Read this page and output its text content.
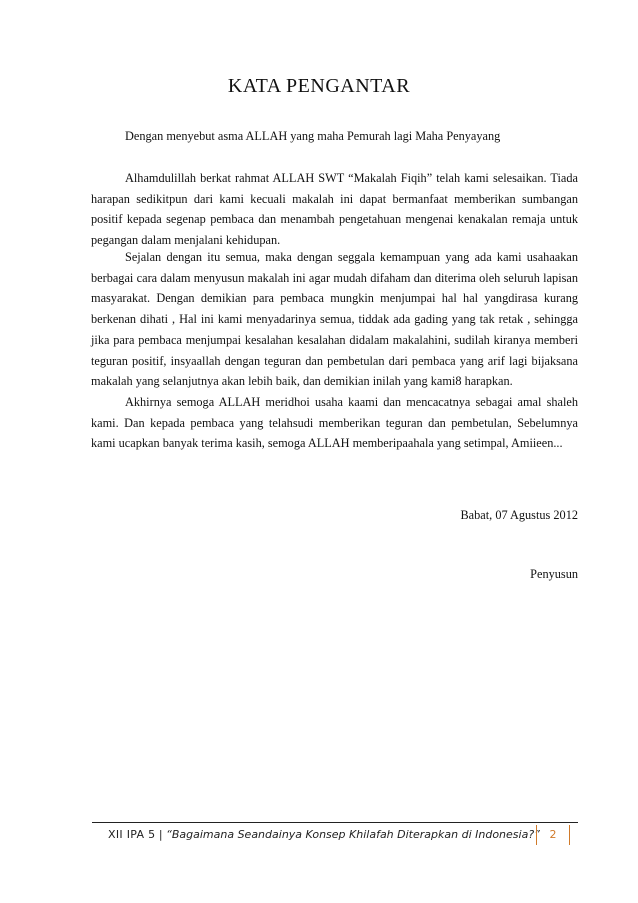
KATA PENGANTAR
Dengan menyebut asma ALLAH yang maha Pemurah lagi Maha Penyayang

Alhamdulillah berkat rahmat ALLAH SWT “Makalah Fiqih” telah kami selesaikan. Tiada harapan sedikitpun dari kami kecuali makalah ini dapat bermanfaat memberikan sumbangan positif kepada segenap pembaca dan menambah pengetahuan mengenai kenakalan remaja untuk pegangan dalam menjalani kehidupan.

Sejalan dengan itu semua, maka dengan seggala kemampuan yang ada kami usahaakan berbagai cara dalam menyusun makalah ini agar mudah difaham dan diterima oleh seluruh lapisan masyarakat. Dengan demikian para pembaca mungkin menjumpai hal hal yangdirasa kurang berkenan dihati , Hal ini kami menyadarinya semua, tiddak ada gading yang tak retak , sehingga jika para pembaca menjumpai kesalahan kesalahan didalam makalahini, sudilah kiranya memberi teguran positif, insyaallah dengan teguran dan pembetulan dari pembaca yang arif lagi bijaksana makalah yang selanjutnya akan lebih baik, dan demikian inilah yang kami8 harapkan.

Akhirnya semoga ALLAH meridhoi usaha kaami dan mencacatnya sebagai amal shaleh kami. Dan kepada pembaca yang telahsudi memberikan teguran dan pembetulan, Sebelumnya kami ucapkan banyak terima kasih, semoga ALLAH memberipaahala yang setimpal, Amiieen...

Babat, 07 Agustus 2012
Penyusun
XII IPA 5 | “Bagaimana Seandainya Konsep Khilafah Diterapkan di Indonesia?” 2
